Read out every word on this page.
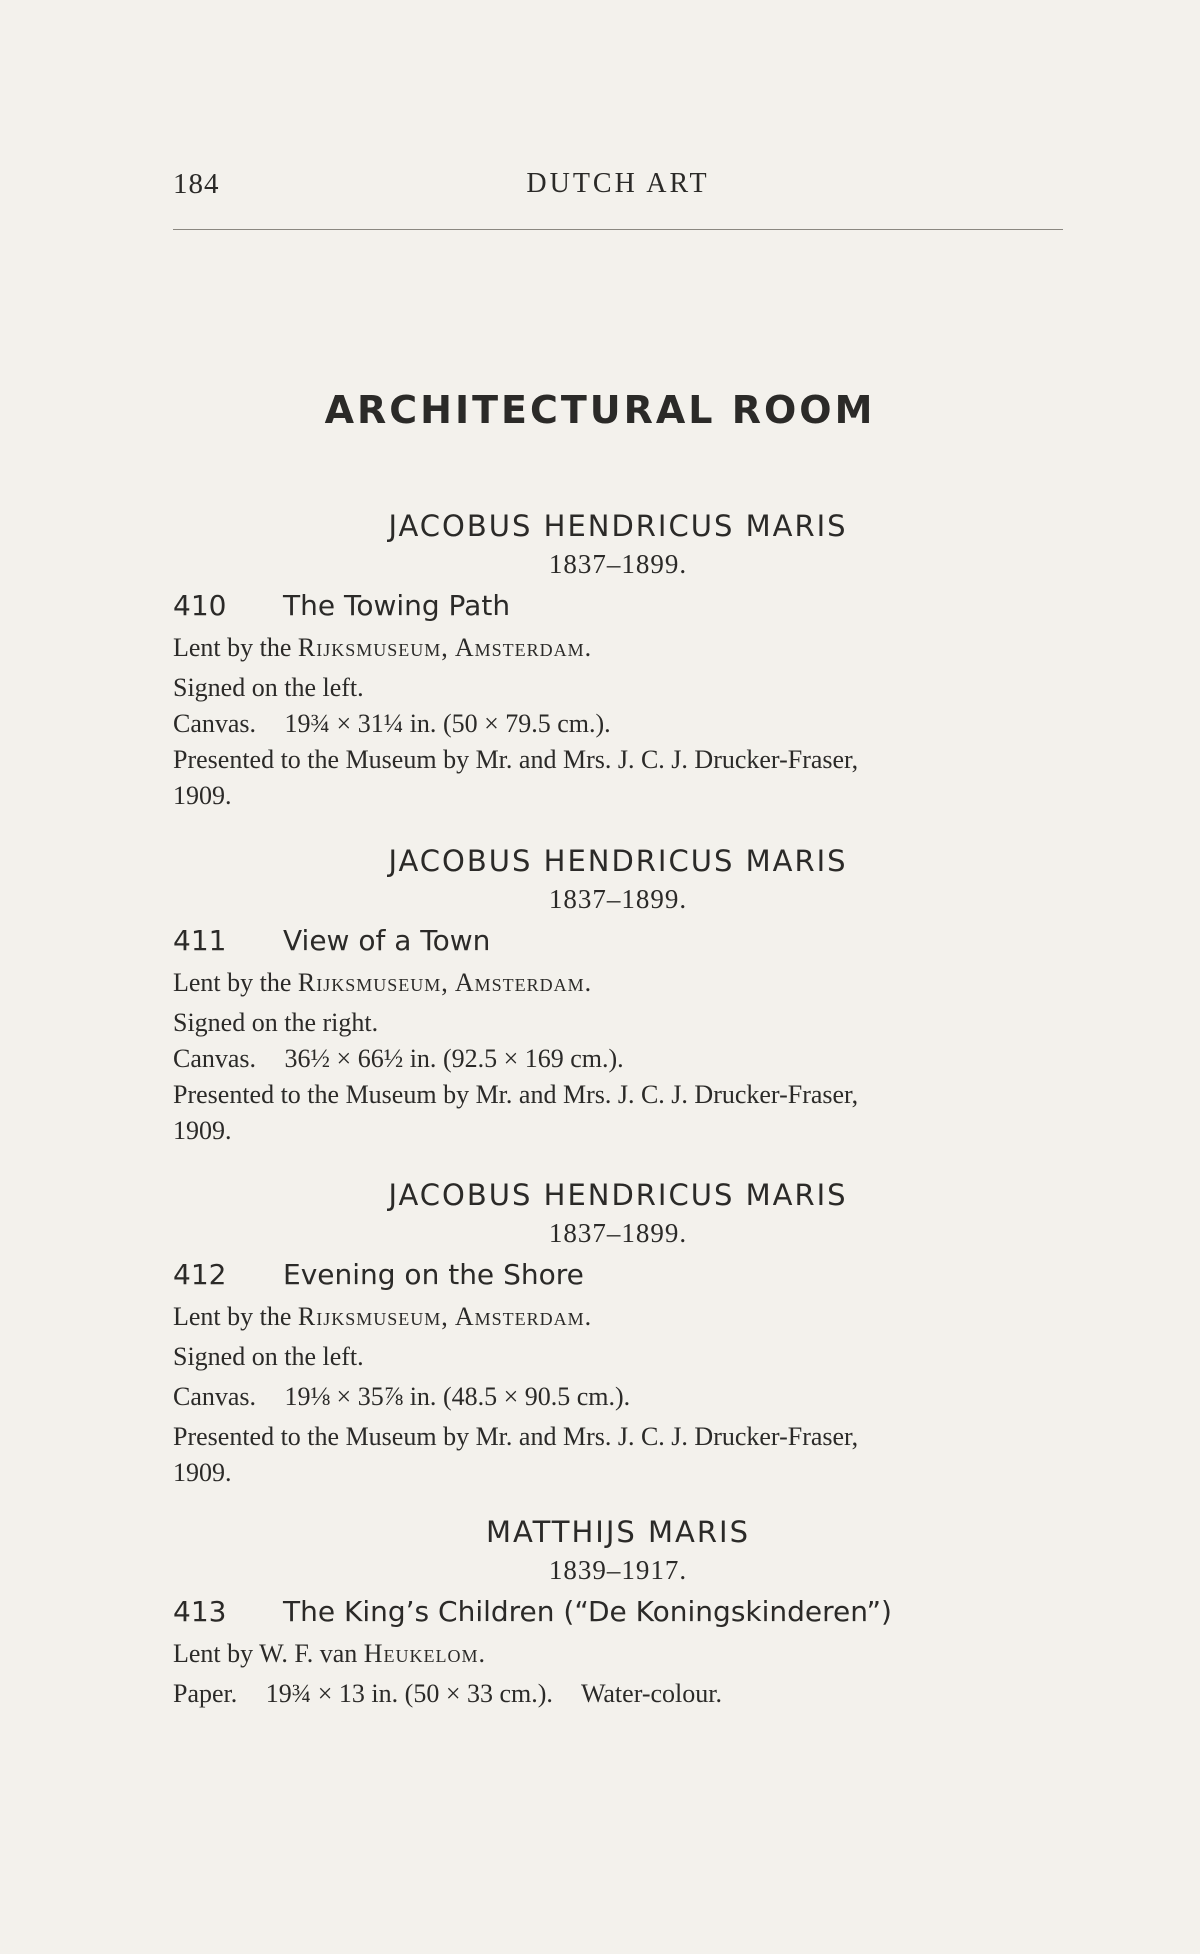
184	DUTCH ART
ARCHITECTURAL ROOM
JACOBUS HENDRICUS MARIS
1837–1899.
410 The Towing Path
Lent by the Rijksmuseum, Amsterdam.
Signed on the left.
Canvas. 19¾ × 31¼ in. (50 × 79.5 cm.).
Presented to the Museum by Mr. and Mrs. J. C. J. Drucker-Fraser,
1909.
JACOBUS HENDRICUS MARIS
1837–1899.
411 View of a Town
Lent by the Rijksmuseum, Amsterdam.
Signed on the right.
Canvas. 36½ × 66½ in. (92.5 × 169 cm.).
Presented to the Museum by Mr. and Mrs. J. C. J. Drucker-Fraser,
1909.
JACOBUS HENDRICUS MARIS
1837–1899.
412 Evening on the Shore
Lent by the Rijksmuseum, Amsterdam.
Signed on the left.
Canvas. 19⅛ × 35⅞ in. (48.5 × 90.5 cm.).
Presented to the Museum by Mr. and Mrs. J. C. J. Drucker-Fraser,
1909.
MATTHIJS MARIS
1839–1917.
413 The King’s Children (“De Koningskinderen”)
Lent by W. F. van Heukelom.
Paper. 19¾ × 13 in. (50 × 33 cm.). Water-colour.
